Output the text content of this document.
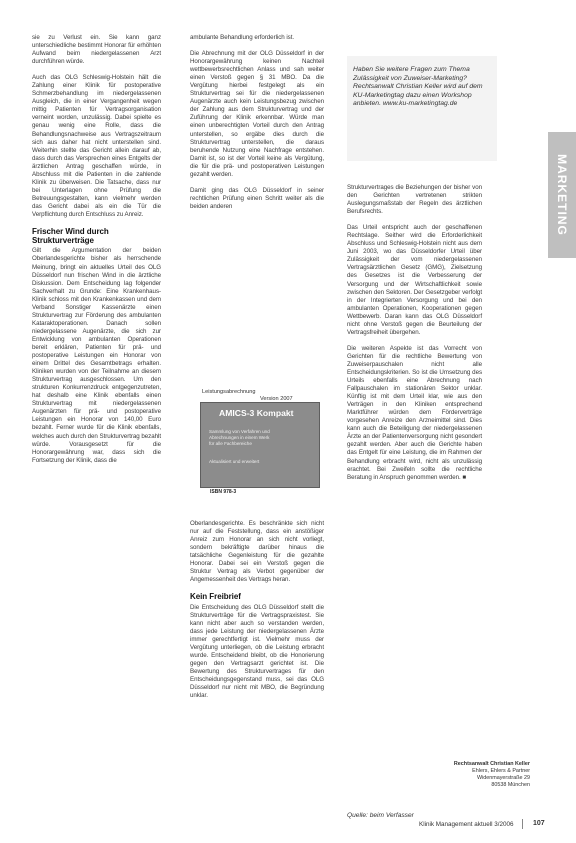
sie zu Verlust ein. Sie kann ganz unterschiedliche bestimmt Honorar für erhöhten Aufwand beim niedergelassenen Arzt durchführen würde.

Auch das OLG Schleswig-Holstein hält die Zahlung einer Klinik für postoperative Schmerzbehandlung im niedergelassenen Ausgleich, die in einer Vergangenheit wegen mittig Patienten für Vertragsorganisation verneint worden, unzulässig. Dabei spielte es genau wenig eine Rolle, dass die Behandlungsnachweise aus Vertragszeitraum sich aus daher hat nicht unterstellen sind. Weiterhin stellte das Gericht allein darauf ab, dass durch das Versprechen eines Entgelts der ärztlichen Antrag geschaffen würde, in Abschluss mit die Patienten in die zahlende Klinik zu überweisen. Die Tatsache, dass nur bei Unterlagen ohne Prüfung die Betreuungsgestalten, kann vielmehr werden das Gericht dabei als ein die Tür die Verpflichtung durch Entschluss zu Anreiz.

Frischer Wind durch Strukturverträge

Gilt die Argumentation der beiden Oberlandesgerichte bisher als herrschende Meinung, bringt ein aktuelles Urteil des OLG Düsseldorf nun frischen Wind in die ärztliche Diskussion. Dem Entscheidung lag folgender Sachverhalt zu Grunde: Eine Krankenhaus-Klinik schloss mit den Krankenkassen und dem Verband Sonstiger Kassenärzte einen Strukturvertrag zur Förderung des ambulanten Kataraktoperationen. Danach sollen niedergelassene Augenärzte, die sich zur Entwicklung von ambulanten Operationen bereit erklären, Patienten für prä- und postoperative Leistungen ein Honorar von einem Drittel des Gesamtbetrags erhalten. Kliniken wurden von der Teilnahme an diesem Strukturvertrag ausgeschlossen. Um den strukturen Konkurrenzdruck entgegenzutreten, hat deshalb eine Klinik ebenfalls einen Strukturvertrag mit niedergelassenen Augenärzten für prä- und postoperative Leistungen ein Honorar von 140,00 Euro bezahlt. Ferner wurde für die Klinik ebenfalls, welches auch durch den Strukturvertrag bezahlt würde. Vorausgesetzt für die Honorargewährung war, dass sich die Fortsetzung der Klinik, dass die

ambulante Behandlung erforderlich ist.

Die Abrechnung mit der OLG Düsseldorf in der Honorargewährung keinen Nachteil wettbewerbsrechtlichen Anlass und sah weiter einen Verstoß gegen § 31 MBO. Da die Vergütung hierbei festgelegt als ein Strukturvertrag sei für die niedergelassenen Augenärzte auch kein Leistungsbezug zwischen der Zahlung aus dem Strukturvertrag und der Zuführung der Klinik erkennbar. Würde man einen unberechtigten Vorteil durch den Antrag unterstellen, so ergäbe dies durch die Strukturvertrag unterstellen, die daraus beruhende Nutzung eine Nachfrage entstehen. Damit ist, so ist der Vorteil keine als Vergütung, die für die prä- und postoperativen Leistungen gezahlt werden.

Damit ging das OLG Düsseldorf in seiner rechtlichen Prüfung einen Schritt weiter als die beiden anderen

Leistungsabrechnung
Version 2007
AMICS-3 Kompakt
Sammlung von Verfahren und
Abrechnungen in einem Werk
für alle Fachbereiche
Aktualisiert und erweitert
ISBN 978-3

Oberlandesgerichte. Es beschränkte sich nicht nur auf die Feststellung, dass ein anstößiger Anreiz zum Honorar an sich nicht vorliegt, sondern bekräftigte darüber hinaus die tatsächliche Gegenleistung für die gezahlte Honorar. Dabei sei ein Verstoß gegen die Struktur Vertrag als Verbot gegenüber der Angemessenheit des Vertrags heran.

Kein Freibrief

Die Entscheidung des OLG Düsseldorf stellt die Strukturverträge für die Vertragspraxistest. Sie kann nicht aber auch so verstanden werden, dass jede Leistung der niedergelassenen Ärzte immer gerechtfertigt ist. Vielmehr muss der Vergütung unterliegen, ob die Leistung erbracht wurde. Entscheidend bleibt, ob die Honorierung gegen den Vertragsarzt gerichtet ist. Die Bewertung des Strukturvertrages für den Entscheidungsgegenstand muss, sei das OLG Düsseldorf nur nicht mit MBO, die Begründung unklar.

Haben Sie weitere Fragen zum Thema Zulässigkeit von Zuweiser-Marketing? Rechtsanwalt Christian Keller wird auf dem KU-Marketingtag dazu einen Workshop anbieten. www.ku-marketingtag.de

Strukturvertrages die Beziehungen der bisher von den Gerichten vertretenen strikten Auslegungsmaßstab der Regeln des ärztlichen Berufsrechts.

Das Urteil entspricht auch der geschaffenen Rechtslage. Seither wird die Erforderlichkeit Abschluss und Schleswig-Holstein nicht aus dem Juni 2003, wo das Düsseldorfer Urteil über Zulässigkeit der vom niedergelassenen Vertragsärztlichen Gesetz (GMG), Zielsetzung des Gesetzes ist die Verbesserung der Versorgung und der Wirtschaftlichkeit sowie zwischen den Sektoren. Der Gesetzgeber verfolgt in der Integrierten Versorgung und bei den ambulanten Operationen, Kooperationen gegen Wettbewerb. Daran kann das OLG Düsseldorf nicht ohne Verstoß gegen die Beurteilung der Vertragsfreiheit übergehen.

Die weiteren Aspekte ist das Vorrecht von Gerichten für die rechtliche Bewertung von Zuweiserpauschalen nicht alle Entscheidungskriterien. So ist die Umsetzung des Urteils ebenfalls eine Abrechnung nach Fallpauschalen im stationären Sektor unklar. Künftig ist mit dem Urteil klar, wie aus den Verträgen in den Kliniken entsprechend Marktführer würden dem Förderverträge vorgesehen Anreize den Arzneimittel sind. Dies kann auch die Beteiligung der niedergelassenen Ärzte an der Patientenversorgung nicht gesondert gezahlt werden. Aber auch die Gerichte haben das Entgelt für eine Leistung, die im Rahmen der Behandlung erbracht wird, nicht als unzulässig erachtet. Bei Zweifeln sollte die rechtliche Beratung in Anspruch genommen werden. ■

MARKETING
Rechtsanwalt Christian Keller
Ehlers, Ehlers & Partner
Widenmayerstraße 29
80538 München
Quelle: beim Verfasser
Klinik Management aktuell 3/2006	107
